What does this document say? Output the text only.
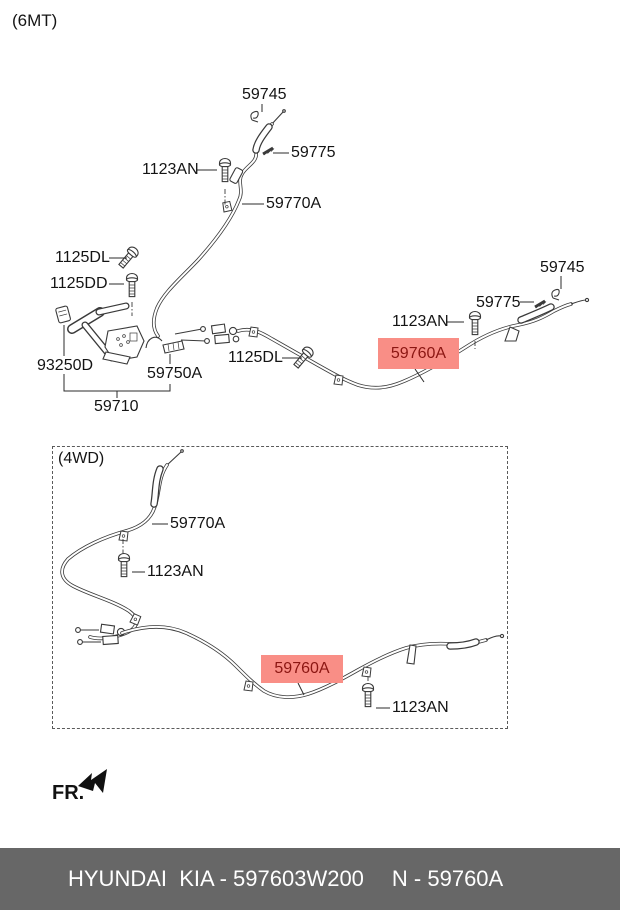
(6MT)
59745
59775
1123AN
59770A
1125DL
1125DD
93250D	59750A
59710
1125DL
1123AN
59745
59775
59760A
(4WD)
59770A
1123AN
1123AN
59760A
FR.
HYUNDAI  KIA - 597603W200 N - 59760A
